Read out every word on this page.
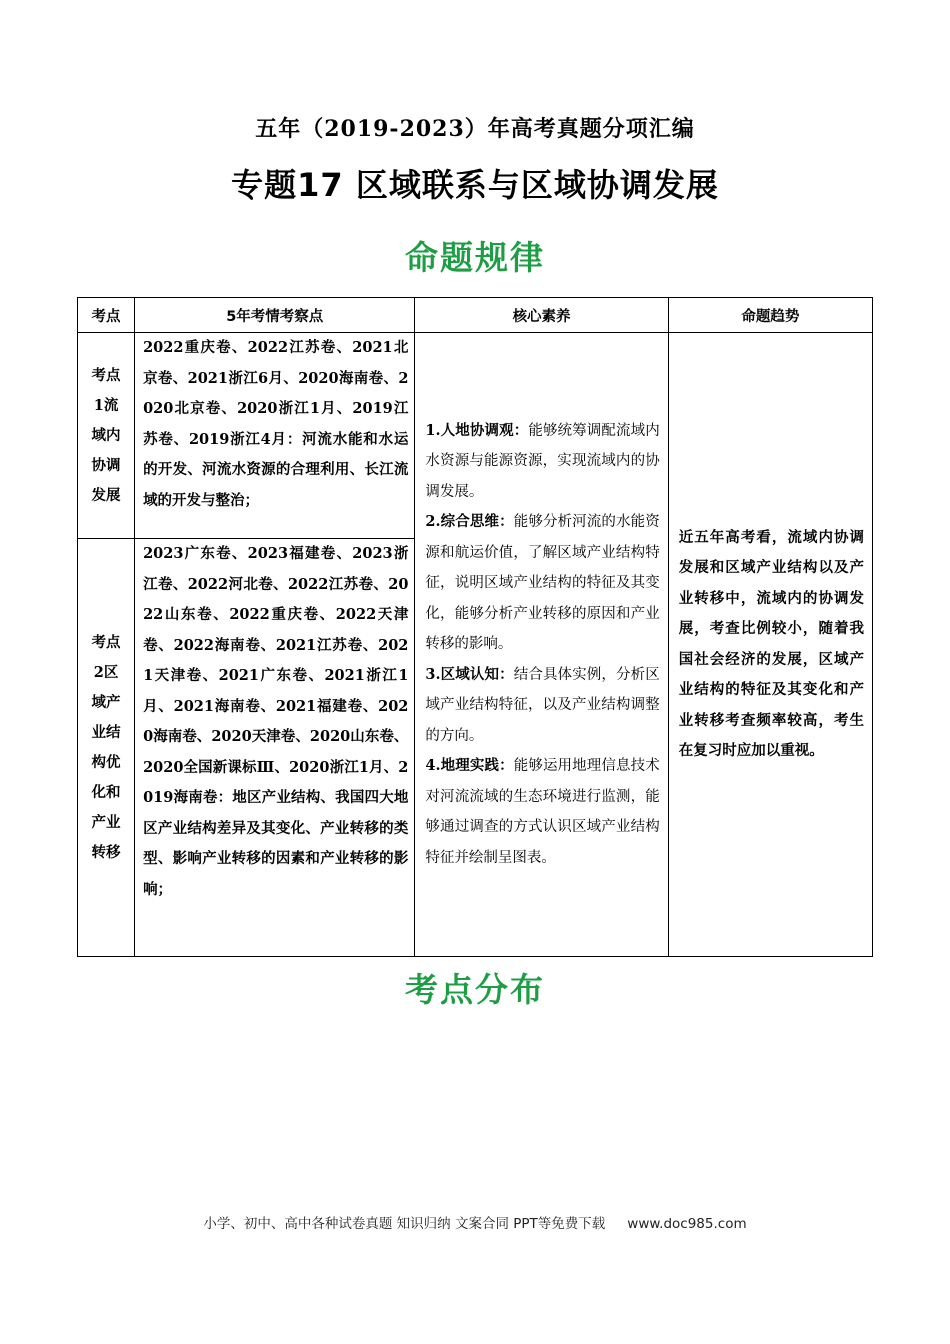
五年（2019-2023）年高考真题分项汇编
专题17 区域联系与区域协调发展
命题规律
考点	5年考情考察点	核心素养	命题趋势

考点1流域内协调发展	2022重庆卷、2022江苏卷、2021北京卷、2021浙江6月、2020海南卷、2020北京卷、2020浙江1月、2019江苏卷、2019浙江4月：河流水能和水运的开发、河流水资源的合理利用、长江流域的开发与整治；	1.人地协调观：能够统筹调配流域内水资源与能源资源，实现流域内的协调发展。
2.综合思维：能够分析河流的水能资源和航运价值，了解区域产业结构特征，说明区域产业结构的特征及其变化，能够分析产业转移的原因和产业转移的影响。
3.区域认知：结合具体实例，分析区域产业结构特征，以及产业结构调整的方向。
4.地理实践：能够运用地理信息技术对河流流域的生态环境进行监测，能够通过调查的方式认识区域产业结构特征并绘制呈图表。	近五年高考看，流域内协调发展和区域产业结构以及产业转移中，流域内的协调发展，考查比例较小，随着我国社会经济的发展，区域产业结构的特征及其变化和产业转移考查频率较高，考生在复习时应加以重视。

考点2区域产业结构优化和产业转移	2023广东卷、2023福建卷、2023浙江卷、2022河北卷、2022江苏卷、2022山东卷、2022重庆卷、2022天津卷、2022海南卷、2021江苏卷、2021天津卷、2021广东卷、2021浙江1月、2021海南卷、2021福建卷、2020海南卷、2020天津卷、2020山东卷、2020全国新课标Ⅲ、2020浙江1月、2019海南卷：地区产业结构、我国四大地区产业结构差异及其变化、产业转移的类型、影响产业转移的因素和产业转移的影响；		
考点分布
小学、初中、高中各种试卷真题 知识归纳 文案合同 PPT等免费下载 www.doc985.com
